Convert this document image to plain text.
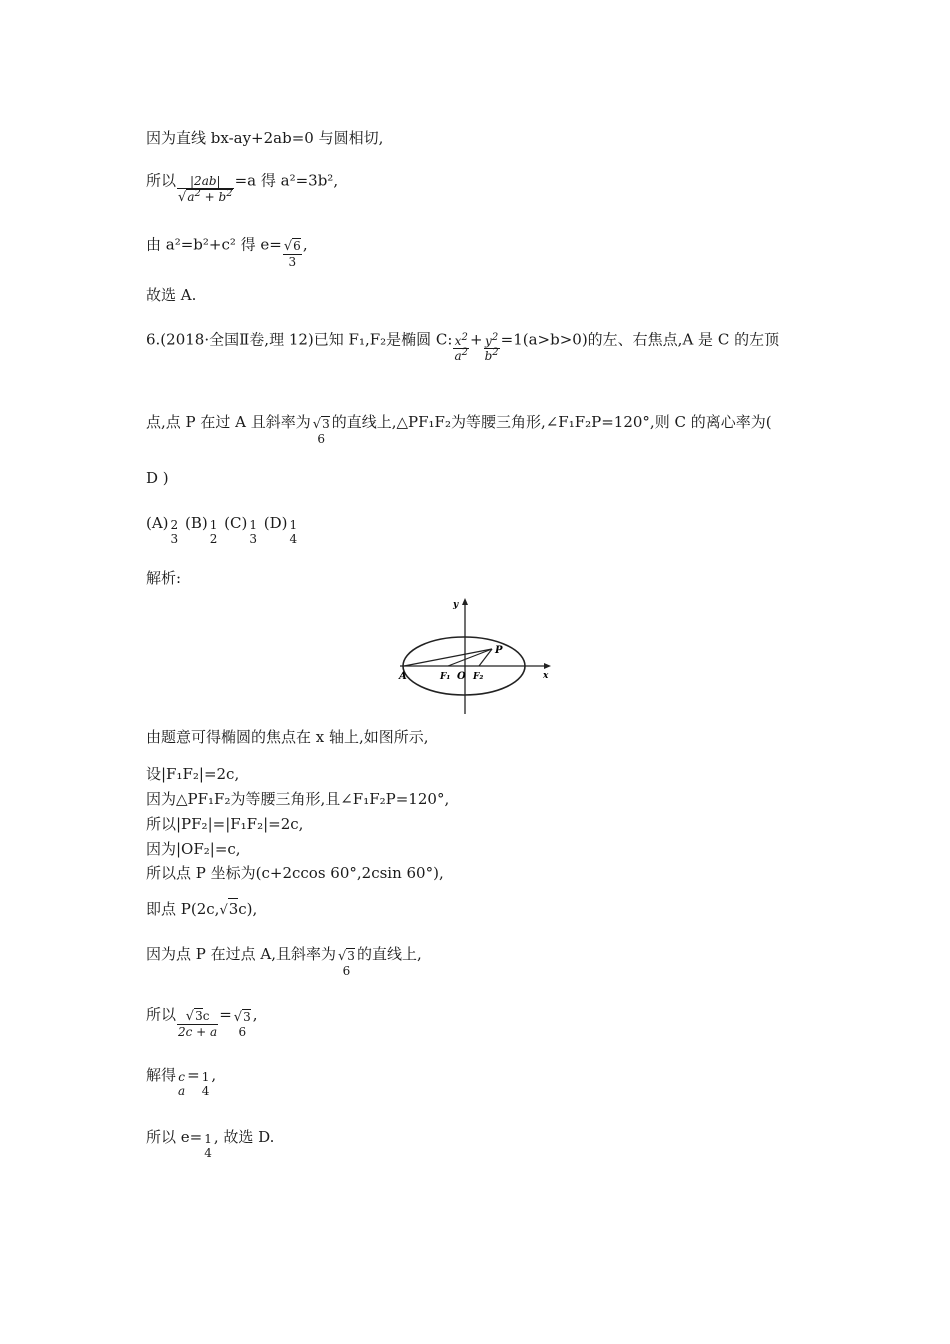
因为直线 bx-ay+2ab=0 与圆相切,
所以 $\frac{|2ab|}{√a^2 + b^2} =a$ 得 a²=3b²,
由 a²=b²+c² 得 $e= \frac{√6}{3}$ ,
故选 A.
6.(2018·全国Ⅱ卷,理 12)已知 F₁,F₂是椭圆 C: $\frac{x^2}{a^2} + \frac{y^2}{b^2} =1(a>b>0)$的左、右焦点,A 是 C 的左顶
点,点 P 在过 A 且斜率为 √3
6
的直线上,△PF₁F₂为等腰三角形,∠F₁F₂P=120°,则 C 的离心率为(
D )
(A) 2
3
(B) 1
2
(C) 1
3
(D) 1
4
解析:
A	F₁ O F₂
P
y
x
由题意可得椭圆的焦点在 x 轴上,如图所示,
设|F₁F₂|=2c,
因为△PF₁F₂为等腰三角形,且∠F₁F₂P=120°,
所以|PF₂|=|F₁F₂|=2c,
因为|OF₂|=c,
所以点 P 坐标为(c+2ccos 60°,2csin 60°),
即点 P(2c,√3c),
因为点 P 在过点 A,且斜率为 √3
6
的直线上,
所以 $\frac{√3c}{2c + a} = √3$
6
,
解得 c
a
= 1
4
,
所以 e= 1
4
, 故选 D.
